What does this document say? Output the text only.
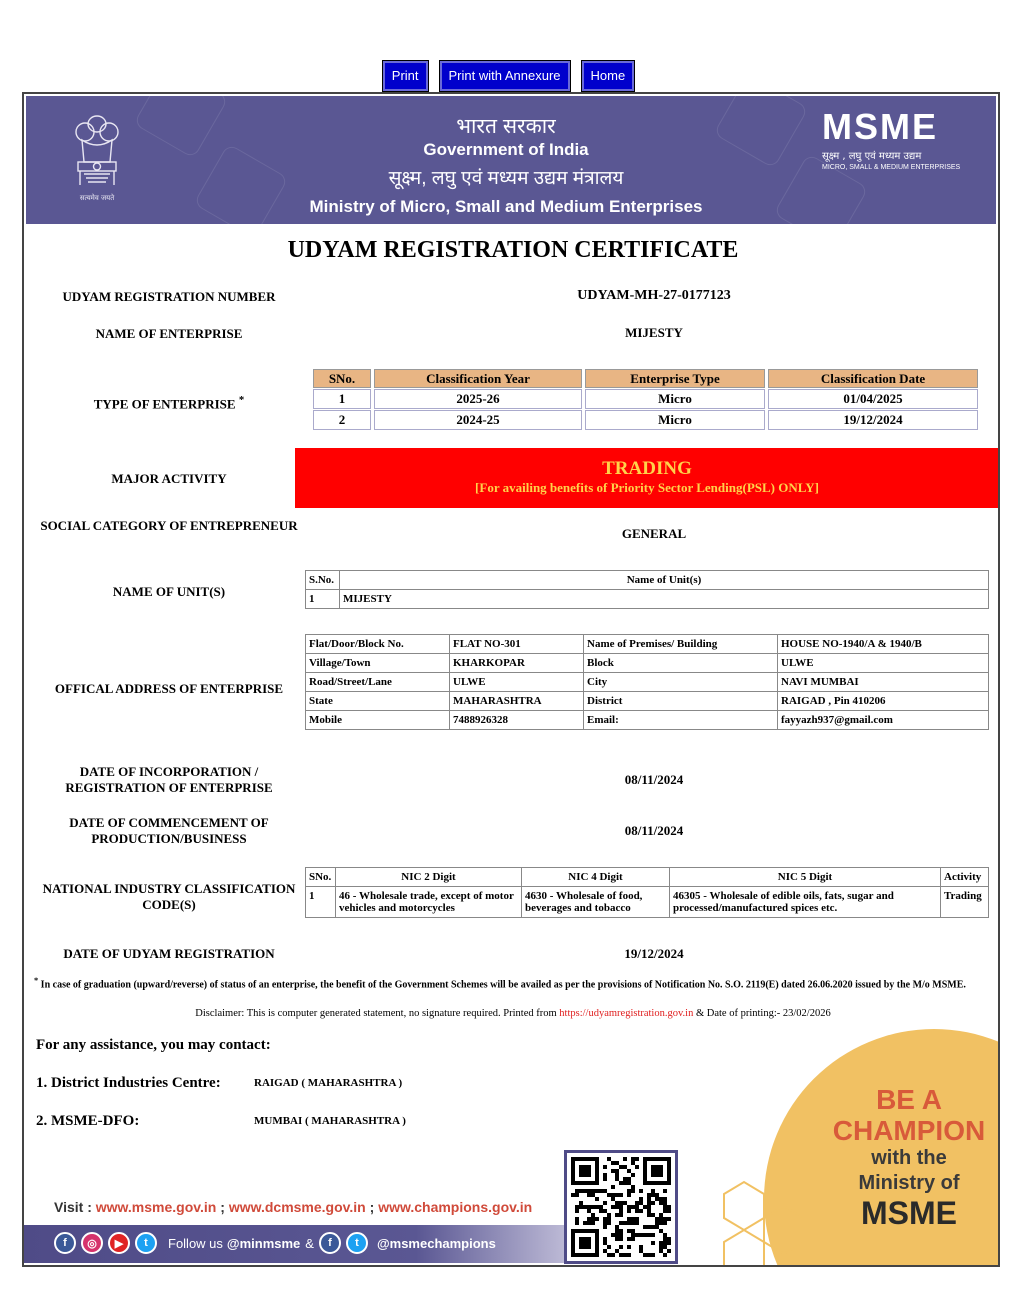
Print Print with Annexure Home
सत्यमेव जयते
भारत सरकार
Government of India
सूक्ष्म, लघु एवं मध्यम उद्यम मंत्रालय
Ministry of Micro, Small and Medium Enterprises
MSME
सूक्ष्म , लघु एवं मध्यम उद्यम
MICRO, SMALL & MEDIUM ENTERPRISES
UDYAM REGISTRATION CERTIFICATE
UDYAM REGISTRATION NUMBER	UDYAM-MH-27-0177123
NAME OF ENTERPRISE	MIJESTY
TYPE OF ENTERPRISE *
SNo.	Classification Year	Enterprise Type	Classification Date
1	2025-26	Micro	01/04/2025
2	2024-25	Micro	19/12/2024
MAJOR ACTIVITY	TRADING
[For availing benefits of Priority Sector Lending(PSL) ONLY]
SOCIAL CATEGORY OF ENTREPRENEUR
GENERAL
NAME OF UNIT(S)
S.No.	Name of Unit(s)
1	MIJESTY
OFFICAL ADDRESS OF ENTERPRISE
Flat/Door/Block No.	FLAT NO-301	Name of Premises/ Building	HOUSE NO-1940/A & 1940/B
Village/Town	KHARKOPAR	Block	ULWE
Road/Street/Lane	ULWE	City	NAVI MUMBAI
State	MAHARASHTRA	District	RAIGAD , Pin 410206
Mobile	7488926328	Email:	fayyazh937@gmail.com
DATE OF INCORPORATION / REGISTRATION OF ENTERPRISE
08/11/2024
DATE OF COMMENCEMENT OF PRODUCTION/BUSINESS
08/11/2024
NATIONAL INDUSTRY CLASSIFICATION CODE(S)
SNo.	NIC 2 Digit	NIC 4 Digit	NIC 5 Digit	Activity
1	46 - Wholesale trade, except of motor vehicles and motorcycles	4630 - Wholesale of food, beverages and tobacco	46305 - Wholesale of edible oils, fats, sugar and processed/manufactured spices etc.	Trading
DATE OF UDYAM REGISTRATION	19/12/2024
* In case of graduation (upward/reverse) of status of an enterprise, the benefit of the Government Schemes will be availed as per the provisions of Notification No. S.O. 2119(E) dated 26.06.2020 issued by the M/o MSME.
Disclaimer: This is computer generated statement, no signature required. Printed from https://udyamregistration.gov.in & Date of printing:- 23/02/2026
BE A
CHAMPION
with the
Ministry of
MSME
For any assistance, you may contact:
1. District Industries Centre:	RAIGAD ( MAHARASHTRA )
2. MSME-DFO:	MUMBAI ( MAHARASHTRA )
Visit : www.msme.gov.in ; www.dcmsme.gov.in ; www.champions.gov.in
f	◎	▶	t	Follow us @minmsme &	f	t	@msmechampions
